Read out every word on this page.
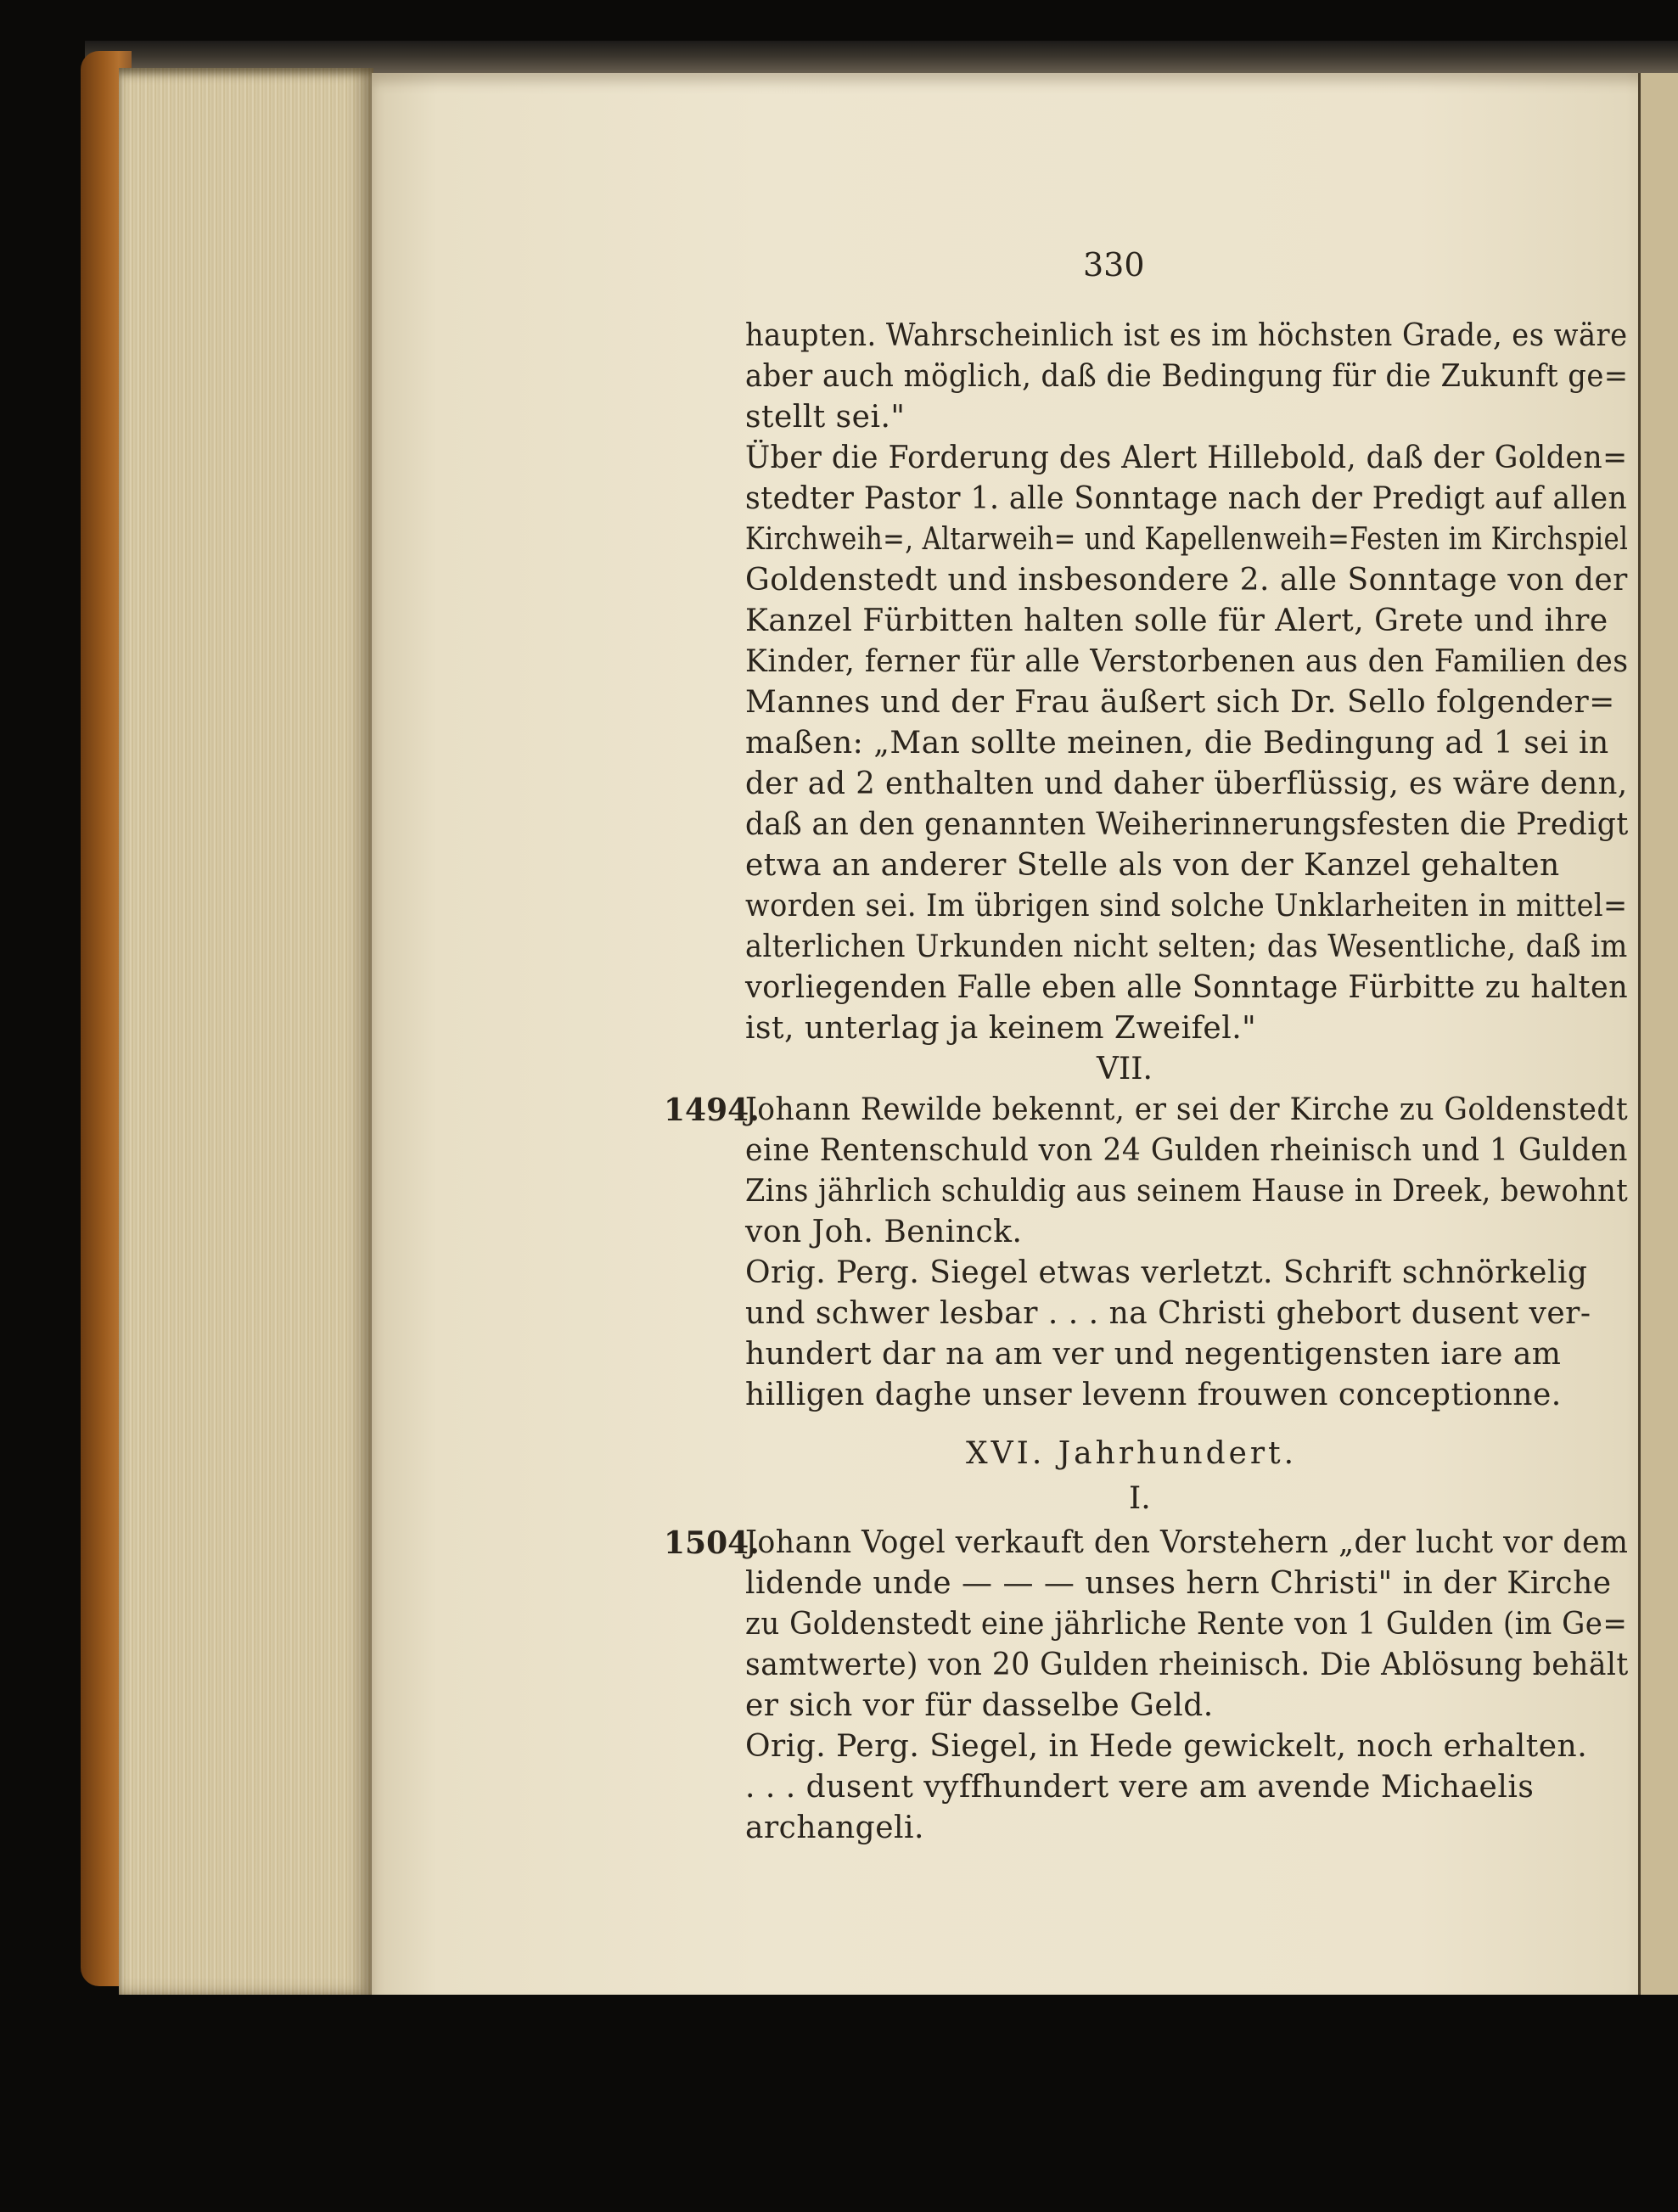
330
haupten. Wahrscheinlich ist es im höchsten Grade, es wäre
aber auch möglich, daß die Bedingung für die Zukunft ge=
stellt sei."
Über die Forderung des Alert Hillebold, daß der Golden=
stedter Pastor 1. alle Sonntage nach der Predigt auf allen
Kirchweih=, Altarweih= und Kapellenweih=Festen im Kirchspiel
Goldenstedt und insbesondere 2. alle Sonntage von der
Kanzel Fürbitten halten solle für Alert, Grete und ihre
Kinder, ferner für alle Verstorbenen aus den Familien des
Mannes und der Frau äußert sich Dr. Sello folgender=
maßen: „Man sollte meinen, die Bedingung ad 1 sei in
der ad 2 enthalten und daher überflüssig, es wäre denn,
daß an den genannten Weiherinnerungsfesten die Predigt
etwa an anderer Stelle als von der Kanzel gehalten
worden sei. Im übrigen sind solche Unklarheiten in mittel=
alterlichen Urkunden nicht selten; das Wesentliche, daß im
vorliegenden Falle eben alle Sonntage Fürbitte zu halten
ist, unterlag ja keinem Zweifel."
VII.
1494.
Johann Rewilde bekennt, er sei der Kirche zu Goldenstedt
eine Rentenschuld von 24 Gulden rheinisch und 1 Gulden
Zins jährlich schuldig aus seinem Hause in Dreek, bewohnt
von Joh. Beninck.
Orig. Perg. Siegel etwas verletzt. Schrift schnörkelig
und schwer lesbar . . . na Christi ghebort dusent ver-
hundert dar na am ver und negentigensten iare am
hilligen daghe unser levenn frouwen conceptionne.
XVI. Jahrhundert.
I.
1504.
Johann Vogel verkauft den Vorstehern „der lucht vor dem
lidende unde — — — unses hern Christi" in der Kirche
zu Goldenstedt eine jährliche Rente von 1 Gulden (im Ge=
samtwerte) von 20 Gulden rheinisch. Die Ablösung behält
er sich vor für dasselbe Geld.
Orig. Perg. Siegel, in Hede gewickelt, noch erhalten.
. . . dusent vyffhundert vere am avende Michaelis
archangeli.
